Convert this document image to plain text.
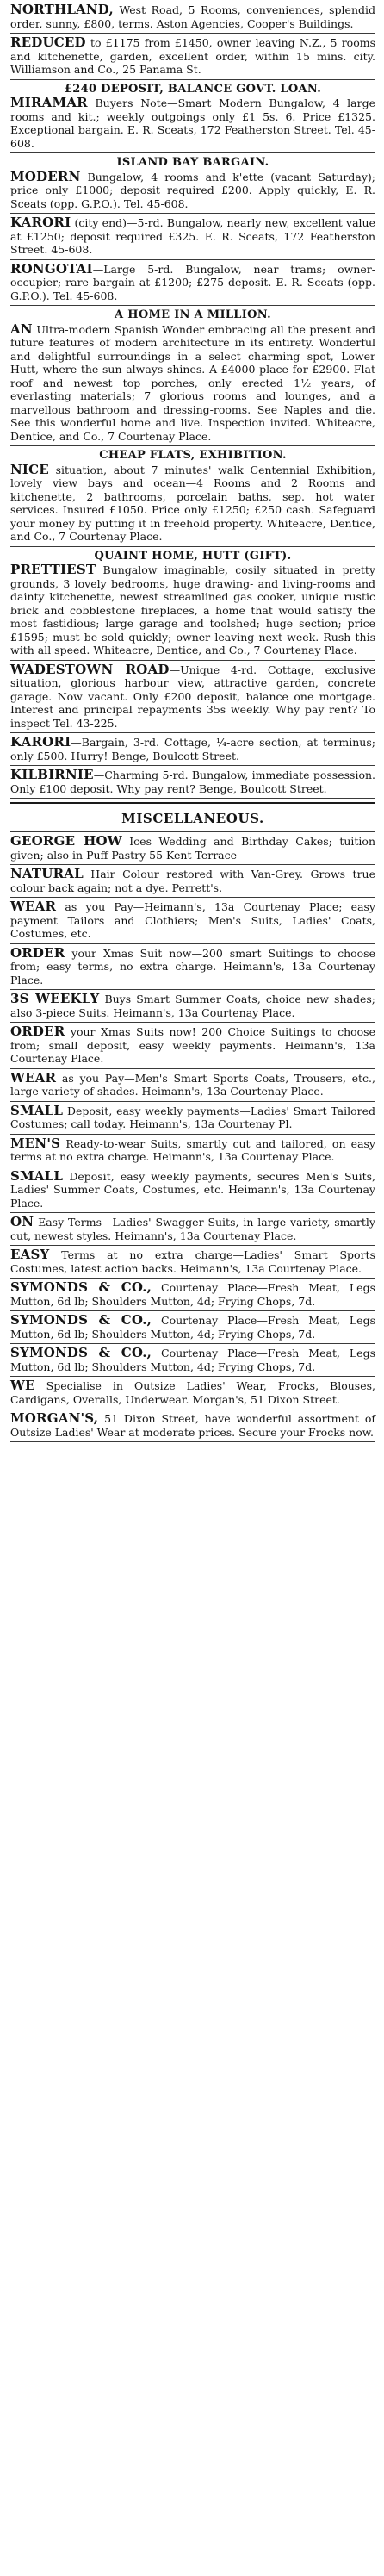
NORTHLAND, West Road, 5 Rooms, conveniences, splendid order, sunny, £800, terms. Aston Agencies, Cooper's Buildings.
REDUCED to £1175 from £1450, owner leaving N.Z., 5 rooms and kitchenette, garden, excellent order, within 15 mins. city. Williamson and Co., 25 Panama St.
£240 DEPOSIT, BALANCE GOVT. LOAN.
MIRAMAR Buyers Note—Smart Modern Bungalow, 4 large rooms and kit.; weekly outgoings only £1 5s. 6. Price £1325. Exceptional bargain. E. R. Sceats, 172 Featherston Street. Tel. 45-608.
ISLAND BAY BARGAIN.
MODERN Bungalow, 4 rooms and k'ette (vacant Saturday); price only £1000; deposit required £200. Apply quickly, E. R. Sceats (opp. G.P.O.). Tel. 45-608.
KARORI (city end)—5-rd. Bungalow, nearly new, excellent value at £1250; deposit required £325. E. R. Sceats, 172 Featherston Street. 45-608.
RONGOTAI—Large 5-rd. Bungalow, near trams; owner-occupier; rare bargain at £1200; £275 deposit. E. R. Sceats (opp. G.P.O.). Tel. 45-608.
A HOME IN A MILLION.
AN Ultra-modern Spanish Wonder embracing all the present and future features of modern architecture in its entirety. Wonderful and delightful surroundings in a select charming spot, Lower Hutt, where the sun always shines. A £4000 place for £2900. Flat roof and newest top porches, only erected 1½ years, of everlasting materials; 7 glorious rooms and lounges, and a marvellous bathroom and dressing-rooms. See Naples and die. See this wonderful home and live. Inspection invited. Whiteacre, Dentice, and Co., 7 Courtenay Place.
CHEAP FLATS, EXHIBITION.
NICE situation, about 7 minutes' walk Centennial Exhibition, lovely view bays and ocean—4 Rooms and 2 Rooms and kitchenette, 2 bathrooms, porcelain baths, sep. hot water services. Insured £1050. Price only £1250; £250 cash. Safeguard your money by putting it in freehold property. Whiteacre, Dentice, and Co., 7 Courtenay Place.
QUAINT HOME, HUTT (GIFT).
PRETTIEST Bungalow imaginable, cosily situated in pretty grounds, 3 lovely bedrooms, huge drawing- and living-rooms and dainty kitchenette, newest streamlined gas cooker, unique rustic brick and cobblestone fireplaces, a home that would satisfy the most fastidious; large garage and toolshed; huge section; price £1595; must be sold quickly; owner leaving next week. Rush this with all speed. Whiteacre, Dentice, and Co., 7 Courtenay Place.
WADESTOWN ROAD—Unique 4-rd. Cottage, exclusive situation, glorious harbour view, attractive garden, concrete garage. Now vacant. Only £200 deposit, balance one mortgage. Interest and principal repayments 35s weekly. Why pay rent? To inspect Tel. 43-225.
KARORI—Bargain, 3-rd. Cottage, ¼-acre section, at terminus; only £500. Hurry! Benge, Boulcott Street.
KILBIRNIE—Charming 5-rd. Bungalow, immediate possession. Only £100 deposit. Why pay rent? Benge, Boulcott Street.
MISCELLANEOUS.
GEORGE HOW Ices Wedding and Birthday Cakes; tuition given; also in Puff Pastry 55 Kent Terrace
NATURAL Hair Colour restored with Van-Grey. Grows true colour back again; not a dye. Perrett's.
WEAR as you Pay—Heimann's, 13a Courtenay Place; easy payment Tailors and Clothiers; Men's Suits, Ladies' Coats, Costumes, etc.
ORDER your Xmas Suit now—200 smart Suitings to choose from; easy terms, no extra charge. Heimann's, 13a Courtenay Place.
3S WEEKLY Buys Smart Summer Coats, choice new shades; also 3-piece Suits. Heimann's, 13a Courtenay Place.
ORDER your Xmas Suits now! 200 Choice Suitings to choose from; small deposit, easy weekly payments. Heimann's, 13a Courtenay Place.
WEAR as you Pay—Men's Smart Sports Coats, Trousers, etc., large variety of shades. Heimann's, 13a Courtenay Place.
SMALL Deposit, easy weekly payments—Ladies' Smart Tailored Costumes; call today. Heimann's, 13a Courtenay Pl.
MEN'S Ready-to-wear Suits, smartly cut and tailored, on easy terms at no extra charge. Heimann's, 13a Courtenay Place.
SMALL Deposit, easy weekly payments, secures Men's Suits, Ladies' Summer Coats, Costumes, etc. Heimann's, 13a Courtenay Place.
ON Easy Terms—Ladies' Swagger Suits, in large variety, smartly cut, newest styles. Heimann's, 13a Courtenay Place.
EASY Terms at no extra charge—Ladies' Smart Sports Costumes, latest action backs. Heimann's, 13a Courtenay Place.
SYMONDS & CO., Courtenay Place—Fresh Meat, Legs Mutton, 6d lb; Shoulders Mutton, 4d; Frying Chops, 7d.
SYMONDS & CO., Courtenay Place—Fresh Meat, Legs Mutton, 6d lb; Shoulders Mutton, 4d; Frying Chops, 7d.
SYMONDS & CO., Courtenay Place—Fresh Meat, Legs Mutton, 6d lb; Shoulders Mutton, 4d; Frying Chops, 7d.
WE Specialise in Outsize Ladies' Wear, Frocks, Blouses, Cardigans, Overalls, Underwear. Morgan's, 51 Dixon Street.
MORGAN'S, 51 Dixon Street, have wonderful assortment of Outsize Ladies' Wear at moderate prices. Secure your Frocks now.
